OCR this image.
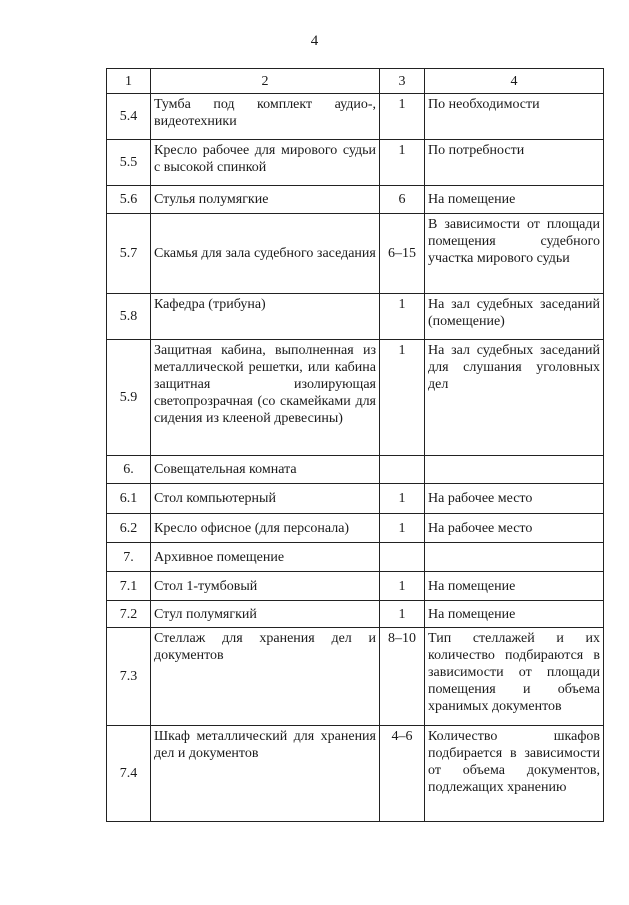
4
1	2	3	4
5.4	Тумба под комплект аудио-, видеотехники	1	По необходимости
5.5	Кресло рабочее для мирового судьи с высокой спинкой	1	По потребности
5.6	Стулья полумягкие	6	На помещение
5.7	Скамья для зала судебного заседания	6–15	В зависимости от площади помещения судебного участка мирового судьи
5.8	Кафедра (трибуна)	1	На зал судебных заседаний (помещение)
5.9	Защитная кабина, выполненная из металлической решетки, или кабина защитная изолирующая светопрозрачная (со скамейками для сидения из клееной древесины)	1	На зал судебных заседаний для слушания уголовных дел
6.	Совещательная комната		
6.1	Стол компьютерный	1	На рабочее место
6.2	Кресло офисное (для персонала)	1	На рабочее место
7.	Архивное помещение		
7.1	Стол 1-тумбовый	1	На помещение
7.2	Стул полумягкий	1	На помещение
7.3	Стеллаж для хранения дел и документов	8–10	Тип стеллажей и их количество подбираются в зависимости от площади помещения и объема хранимых документов
7.4	Шкаф металлический для хранения дел и документов	4–6	Количество шкафов подбирается в зависимости от объема документов, подлежащих хранению
